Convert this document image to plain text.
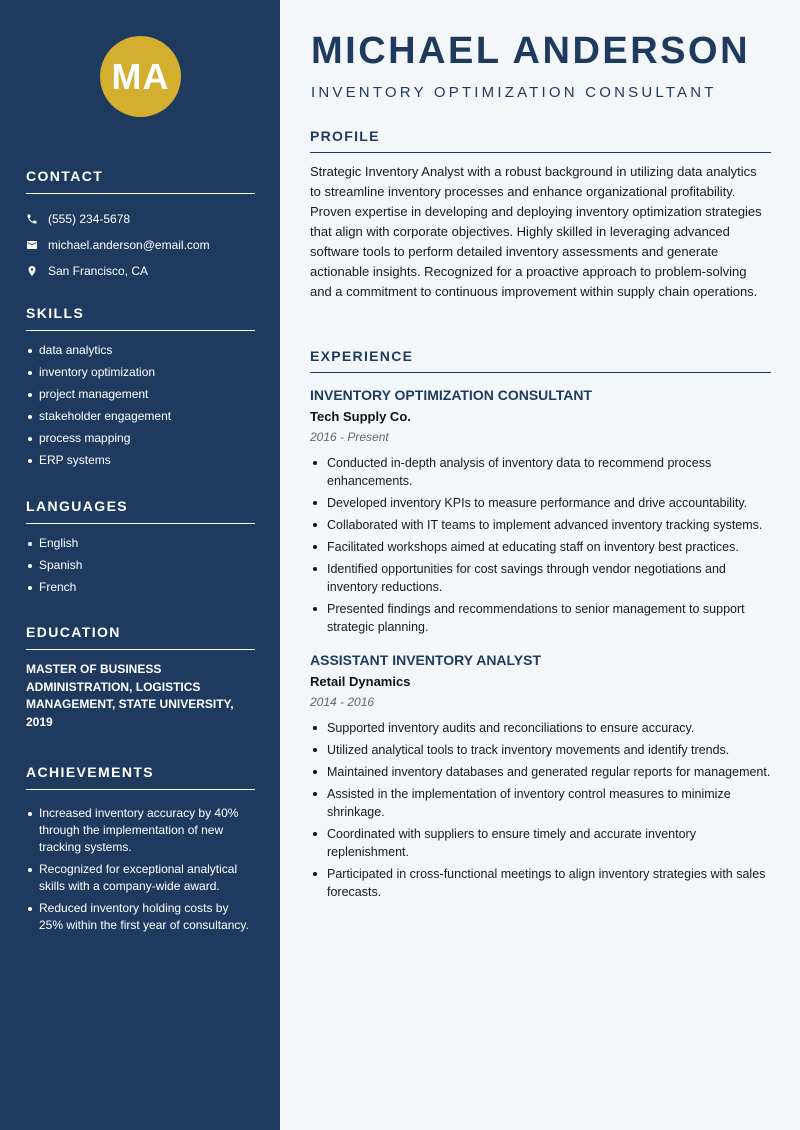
MA
CONTACT
(555) 234-5678
michael.anderson@email.com
San Francisco, CA
SKILLS
data analytics
inventory optimization
project management
stakeholder engagement
process mapping
ERP systems
LANGUAGES
English
Spanish
French
EDUCATION
MASTER OF BUSINESS ADMINISTRATION, LOGISTICS MANAGEMENT, STATE UNIVERSITY, 2019
ACHIEVEMENTS
Increased inventory accuracy by 40% through the implementation of new tracking systems.
Recognized for exceptional analytical skills with a company-wide award.
Reduced inventory holding costs by 25% within the first year of consultancy.
MICHAEL ANDERSON
INVENTORY OPTIMIZATION CONSULTANT
PROFILE

Strategic Inventory Analyst with a robust background in utilizing data analytics to streamline inventory processes and enhance organizational profitability. Proven expertise in developing and deploying inventory optimization strategies that align with corporate objectives. Highly skilled in leveraging advanced software tools to perform detailed inventory assessments and generate actionable insights. Recognized for a proactive approach to problem-solving and a commitment to continuous improvement within supply chain operations.

EXPERIENCE
INVENTORY OPTIMIZATION CONSULTANT
Tech Supply Co.
2016 - Present
Conducted in-depth analysis of inventory data to recommend process enhancements.
Developed inventory KPIs to measure performance and drive accountability.
Collaborated with IT teams to implement advanced inventory tracking systems.
Facilitated workshops aimed at educating staff on inventory best practices.
Identified opportunities for cost savings through vendor negotiations and inventory reductions.
Presented findings and recommendations to senior management to support strategic planning.
ASSISTANT INVENTORY ANALYST
Retail Dynamics
2014 - 2016
Supported inventory audits and reconciliations to ensure accuracy.
Utilized analytical tools to track inventory movements and identify trends.
Maintained inventory databases and generated regular reports for management.
Assisted in the implementation of inventory control measures to minimize shrinkage.
Coordinated with suppliers to ensure timely and accurate inventory replenishment.
Participated in cross-functional meetings to align inventory strategies with sales forecasts.
